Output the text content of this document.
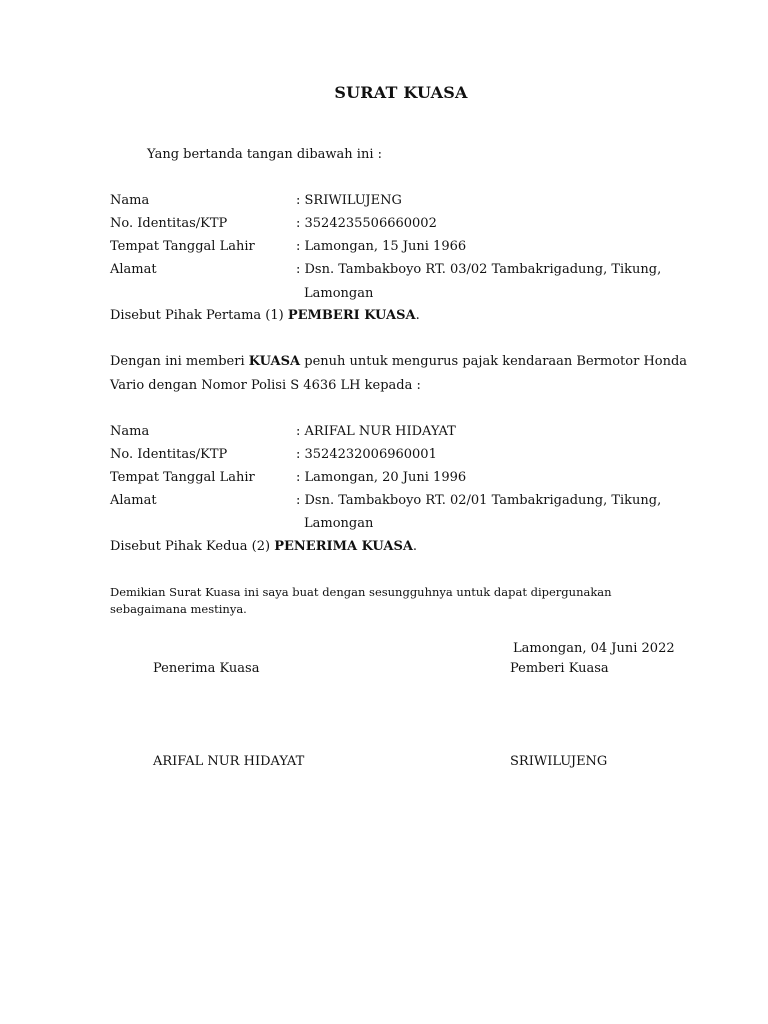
SURAT KUASA
Yang bertanda tangan dibawah ini :
Nama	: SRIWILUJENG
No. Identitas/KTP	: 3524235506660002
Tempat Tanggal Lahir	: Lamongan, 15 Juni 1966
Alamat	: Dsn. Tambakboyo RT. 03/02 Tambakrigadung, Tikung,
Lamongan
Disebut Pihak Pertama (1) PEMBERI KUASA.
Dengan ini memberi KUASA penuh untuk mengurus pajak kendaraan Bermotor Honda
Vario dengan Nomor Polisi S 4636 LH kepada :
Nama	: ARIFAL NUR HIDAYAT
No. Identitas/KTP	: 3524232006960001
Tempat Tanggal Lahir	: Lamongan, 20 Juni 1996
Alamat	: Dsn. Tambakboyo RT. 02/01 Tambakrigadung, Tikung,
Lamongan
Disebut Pihak Kedua (2) PENERIMA KUASA.
Demikian Surat Kuasa ini saya buat dengan sesungguhnya untuk dapat dipergunakan
sebagaimana mestinya.
Lamongan, 04 Juni 2022
Penerima Kuasa	Pemberi Kuasa
ARIFAL NUR HIDAYAT	SRIWILUJENG
